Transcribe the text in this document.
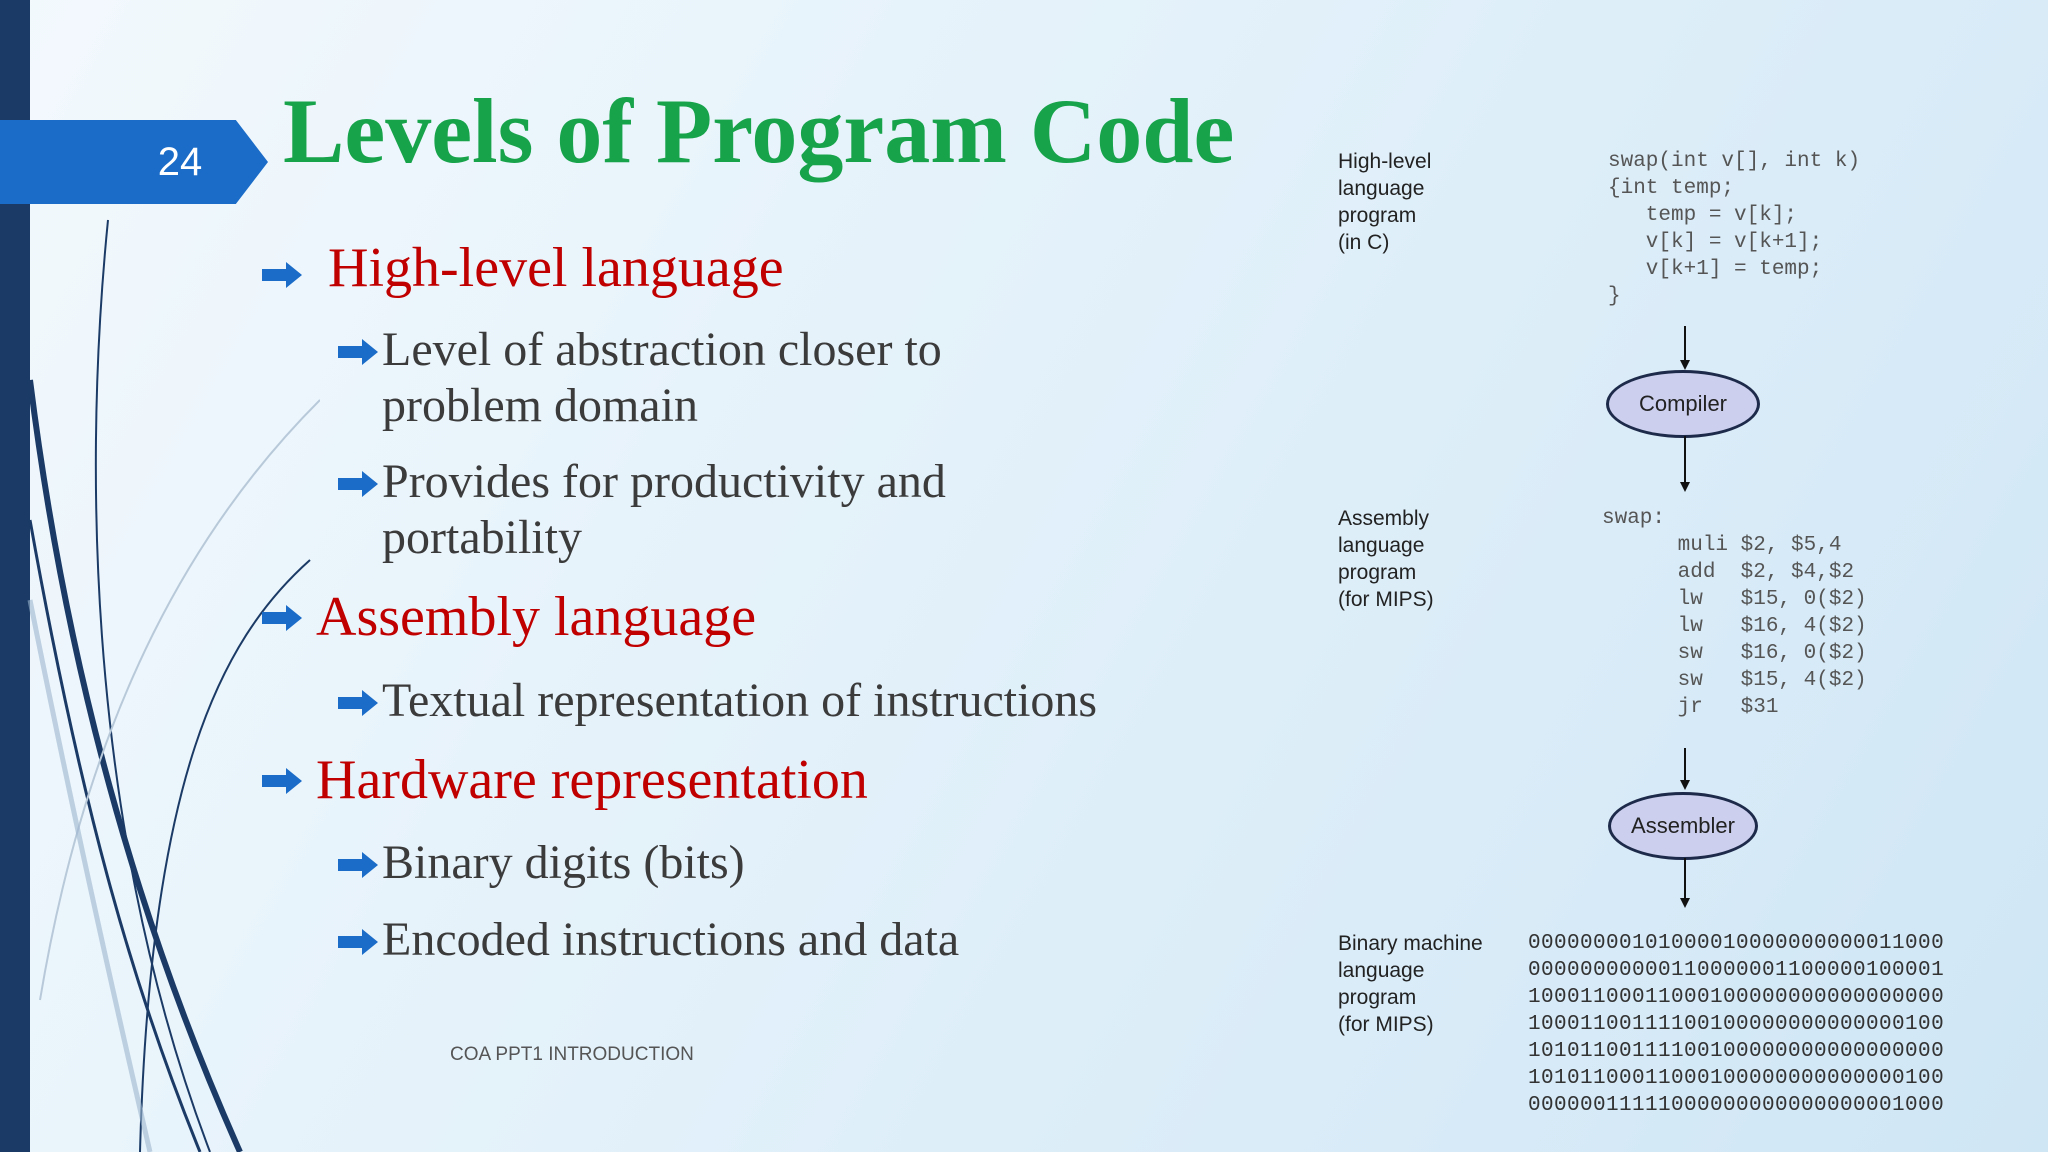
24 Levels of Program Code
High-level language
Level of abstraction closer to
problem domain
Provides for productivity and
portability
Assembly language
Textual representation of instructions
Hardware representation
Binary digits (bits)
Encoded instructions and data
COA PPT1 INTRODUCTION
High-level
language
program
(in C)
swap(int v[], int k)
{int temp;
temp = v[k];
v[k] = v[k+1];
v[k+1] = temp;
}
Compiler
Assembly
language
program
(for MIPS)
swap:
muli $2, $5,4
add  $2, $4,$2
lw   $15, 0($2)
lw   $16, 4($2)
sw   $16, 0($2)
sw   $15, 4($2)
jr   $31
Assembler
Binary machine
language
program
(for MIPS)
00000000101000010000000000011000
00000000000110000001100000100001
10001100011000100000000000000000
10001100111100100000000000000100
10101100111100100000000000000000
10101100011000100000000000000100
00000011111000000000000000001000
